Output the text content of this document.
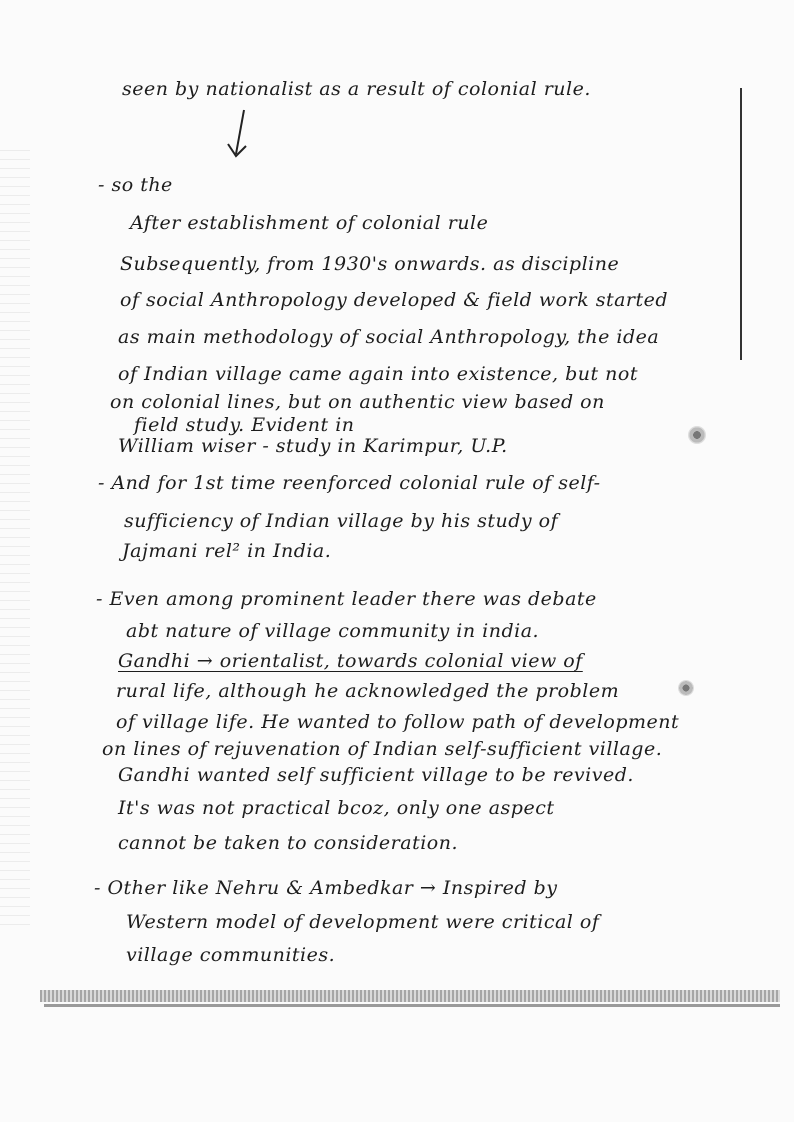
seen by nationalist as a result of colonial rule.
- so the
After establishment of colonial rule
Subsequently, from 1930's onwards. as discipline
of social Anthropology developed & field work started
as main methodology of social Anthropology, the idea
of Indian village came again into existence, but not
on colonial lines, but on authentic view based on
field study. Evident in
William wiser - study in Karimpur, U.P.
- And for 1st time reenforced colonial rule of self-
sufficiency of Indian village by his study of
Jajmani rel² in India.
- Even among prominent leader there was debate
abt nature of village community in india.
Gandhi → orientalist, towards colonial view of
rural life, although he acknowledged the problem
of village life. He wanted to follow path of development
on lines of rejuvenation of Indian self-sufficient village.
Gandhi wanted self sufficient village to be revived.
It's was not practical bcoz, only one aspect
cannot be taken to consideration.
- Other like Nehru & Ambedkar → Inspired by
Western model of development were critical of
village communities.
